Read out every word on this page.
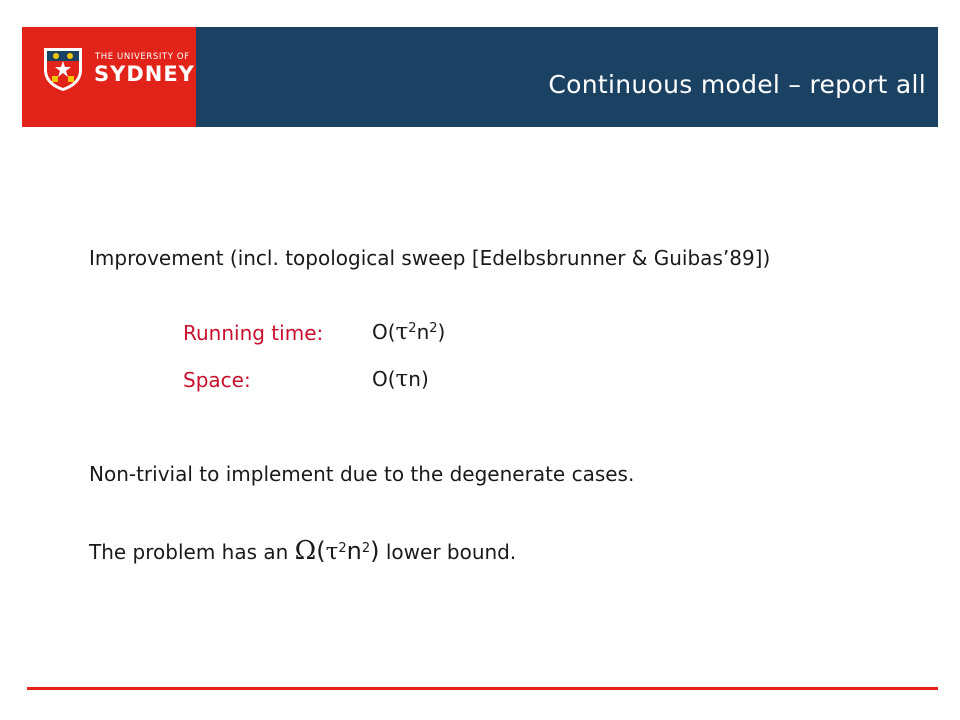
THE UNIVERSITY OF
SYDNEY	Continuous model – report all
Improvement (incl. topological sweep [Edelbsbrunner & Guibas’89])
Running time: $O(\tau^2n^2)$
Space:	O(τn)
Non-trivial to implement due to the degenerate cases.
The problem has an $\Omega(\tau^2n^2)$ lower bound.
